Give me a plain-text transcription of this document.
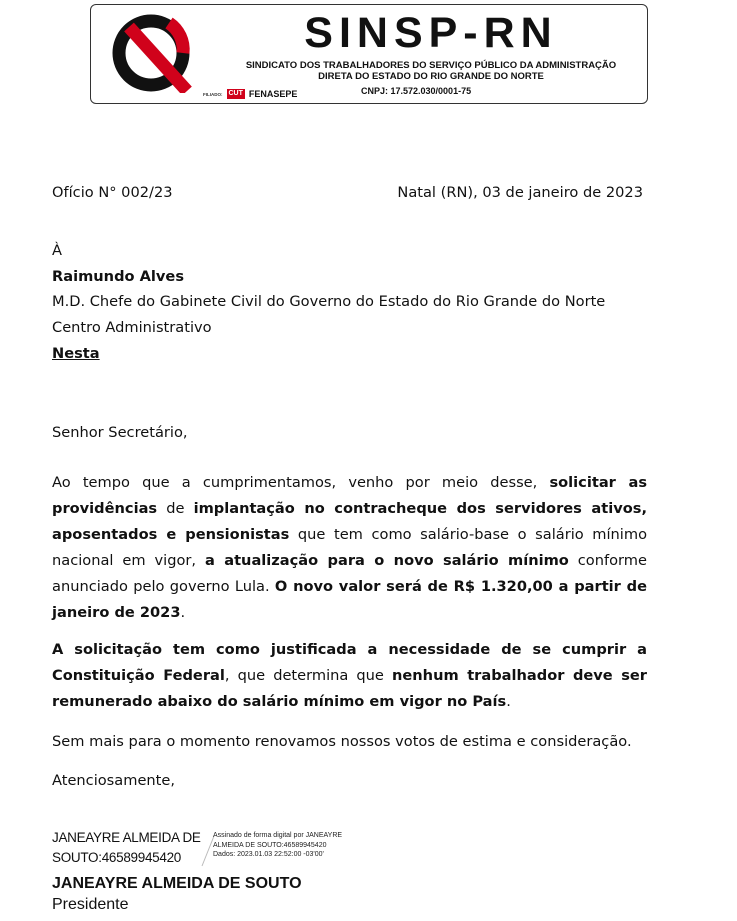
SINSP-RN
SINDICATO DOS TRABALHADORES DO SERVIÇO PÚBLICO DA ADMINISTRAÇÃO
DIRETA DO ESTADO DO RIO GRANDE DO NORTE
CNPJ: 17.572.030/0001-75
FILIADO: CUT FENASEPE

Ofício N° 002/23	Natal (RN), 03 de janeiro de 2023

À

Raimundo Alves

M.D. Chefe do Gabinete Civil do Governo do Estado do Rio Grande do Norte

Centro Administrativo

Nesta

Senhor Secretário,

Ao tempo que a cumprimentamos, venho por meio desse, solicitar as providências de implantação no contracheque dos servidores ativos, aposentados e pensionistas que tem como salário-base o salário mínimo nacional em vigor, a atualização para o novo salário mínimo conforme anunciado pelo governo Lula. O novo valor será de R$ 1.320,00 a partir de janeiro de 2023.

A solicitação tem como justificada a necessidade de se cumprir a Constituição Federal, que determina que nenhum trabalhador deve ser remunerado abaixo do salário mínimo em vigor no País.

Sem mais para o momento renovamos nossos votos de estima e consideração.

Atenciosamente,

JANEAYRE ALMEIDA DE
SOUTO:46589945420
Assinado de forma digital por JANEAYRE
ALMEIDA DE SOUTO:46589945420
Dados: 2023.01.03 22:52:00 -03'00'
JANEAYRE ALMEIDA DE SOUTO
Presidente
